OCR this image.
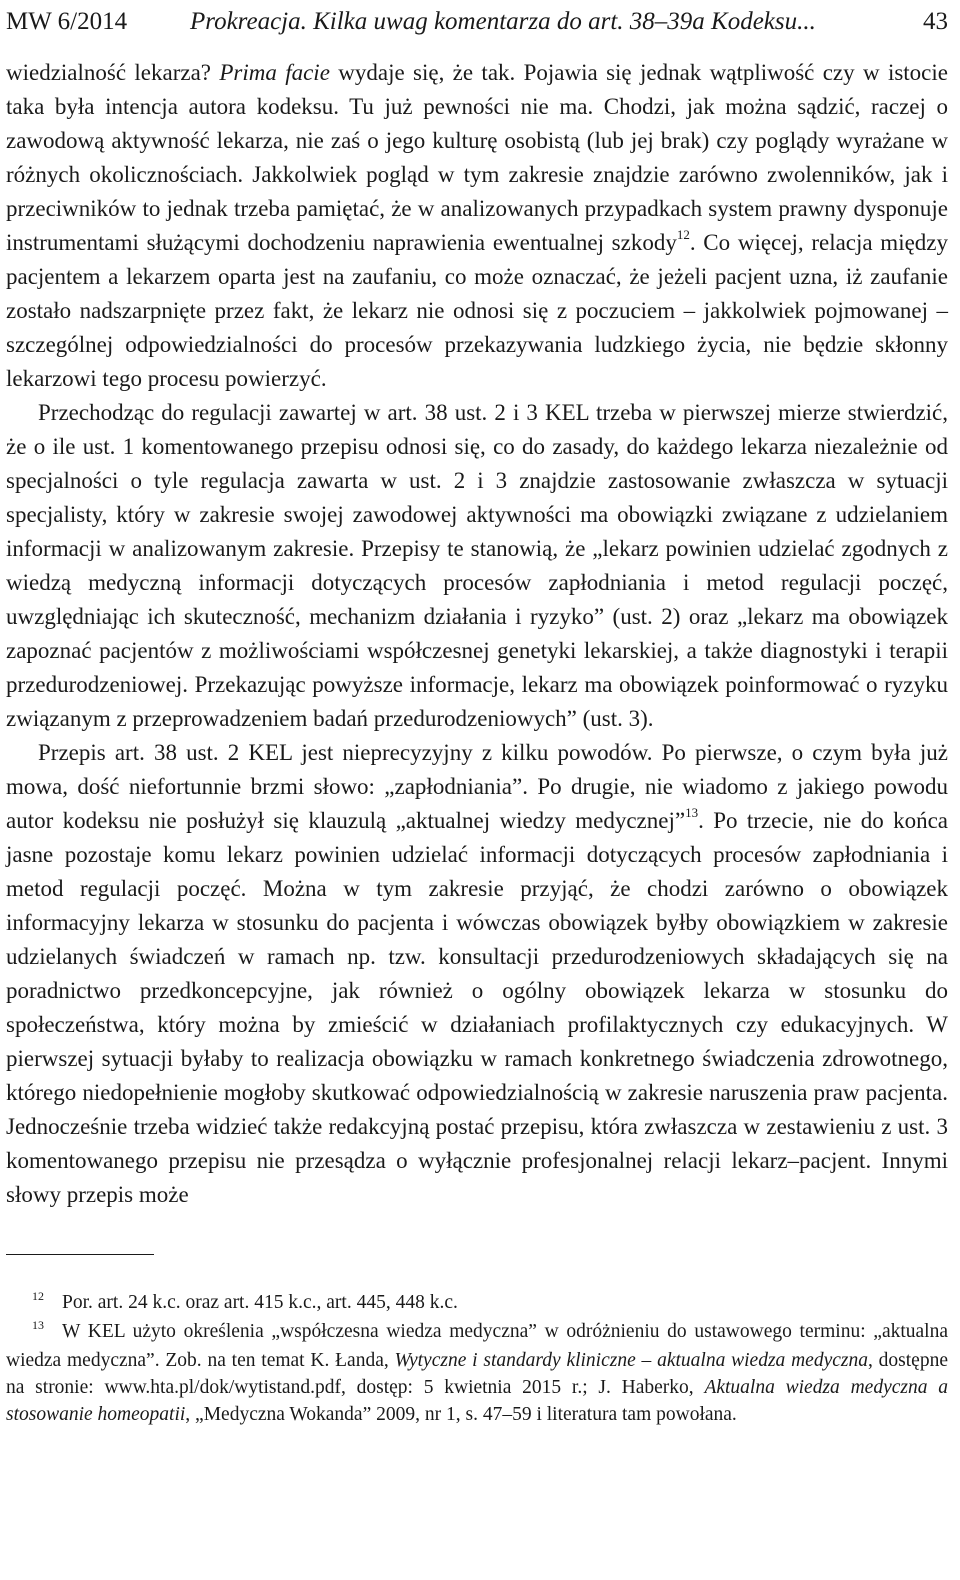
MW 6/2014	Prokreacja. Kilka uwag komentarza do art. 38–39a Kodeksu...	43

wiedzialność lekarza? Prima facie wydaje się, że tak. Pojawia się jednak wątpliwość czy w istocie taka była intencja autora kodeksu. Tu już pewności nie ma. Chodzi, jak można sądzić, raczej o zawodową aktywność lekarza, nie zaś o jego kulturę osobistą (lub jej brak) czy poglądy wyrażane w różnych okolicznościach. Jakkolwiek pogląd w tym zakresie znajdzie zarówno zwolenników, jak i przeciwników to jednak trzeba pamiętać, że w analizowanych przypadkach system prawny dysponuje instrumentami służącymi dochodzeniu naprawienia ewentualnej szkody$^{12}$. Co więcej, relacja między pacjentem a lekarzem oparta jest na zaufaniu, co może oznaczać, że jeżeli pacjent uzna, iż zaufanie zostało nadszarpnięte przez fakt, że lekarz nie odnosi się z poczuciem – jakkolwiek pojmowanej – szczególnej odpowiedzialności do procesów przekazywania ludzkiego życia, nie będzie skłonny lekarzowi tego procesu powierzyć.

Przechodząc do regulacji zawartej w art. 38 ust. 2 i 3 KEL trzeba w pierwszej mierze stwierdzić, że o ile ust. 1 komentowanego przepisu odnosi się, co do zasady, do każdego lekarza niezależnie od specjalności o tyle regulacja zawarta w ust. 2 i 3 znajdzie zastosowanie zwłaszcza w sytuacji specjalisty, który w zakresie swojej zawodowej aktywności ma obowiązki związane z udzielaniem informacji w analizowanym zakresie. Przepisy te stanowią, że „lekarz powinien udzielać zgodnych z wiedzą medyczną informacji dotyczących procesów zapłodniania i metod regulacji poczęć, uwzględniając ich skuteczność, mechanizm działania i ryzyko” (ust. 2) oraz „lekarz ma obowiązek zapoznać pacjentów z możliwościami współczesnej genetyki lekarskiej, a także diagnostyki i terapii przedurodzeniowej. Przekazując powyższe informacje, lekarz ma obowiązek poinformować o ryzyku związanym z przeprowadzeniem badań przedurodzeniowych” (ust. 3).

Przepis art. 38 ust. 2 KEL jest nieprecyzyjny z kilku powodów. Po pierwsze, o czym była już mowa, dość niefortunnie brzmi słowo: „zapłodniania”. Po drugie, nie wiadomo z jakiego powodu autor kodeksu nie posłużył się klauzulą „aktualnej wiedzy medycznej”$^{13}$. Po trzecie, nie do końca jasne pozostaje komu lekarz powinien udzielać informacji dotyczących procesów zapłodniania i metod regulacji poczęć. Można w tym zakresie przyjąć, że chodzi zarówno o obowiązek informacyjny lekarza w stosunku do pacjenta i wówczas obowiązek byłby obowiązkiem w zakresie udzielanych świadczeń w ramach np. tzw. konsultacji przedurodzeniowych składających się na poradnictwo przedkoncepcyjne, jak również o ogólny obowiązek lekarza w stosunku do społeczeństwa, który można by zmieścić w działaniach profilaktycznych czy edukacyjnych. W pierwszej sytuacji byłaby to realizacja obowiązku w ramach konkretnego świadczenia zdrowotnego, którego niedopełnienie mogłoby skutkować odpowiedzialnością w zakresie naruszenia praw pacjenta. Jednocześnie trzeba widzieć także redakcyjną postać przepisu, która zwłaszcza w zestawieniu z ust. 3 komentowanego przepisu nie przesądza o wyłącznie profesjonalnej relacji lekarz–pacjent. Innymi słowy przepis może

12 Por. art. 24 k.c. oraz art. 415 k.c., art. 445, 448 k.c.

13 W KEL użyto określenia „współczesna wiedza medyczna” w odróżnieniu do ustawowego terminu: „aktualna wiedza medyczna”. Zob. na ten temat K. Łanda, Wytyczne i standardy kliniczne – aktualna wiedza medyczna, dostępne na stronie: www.hta.pl/dok/wytistand.pdf, dostęp: 5 kwietnia 2015 r.; J. Haberko, Aktualna wiedza medyczna a stosowanie homeopatii, „Medyczna Wokanda” 2009, nr 1, s. 47–59 i literatura tam powołana.
